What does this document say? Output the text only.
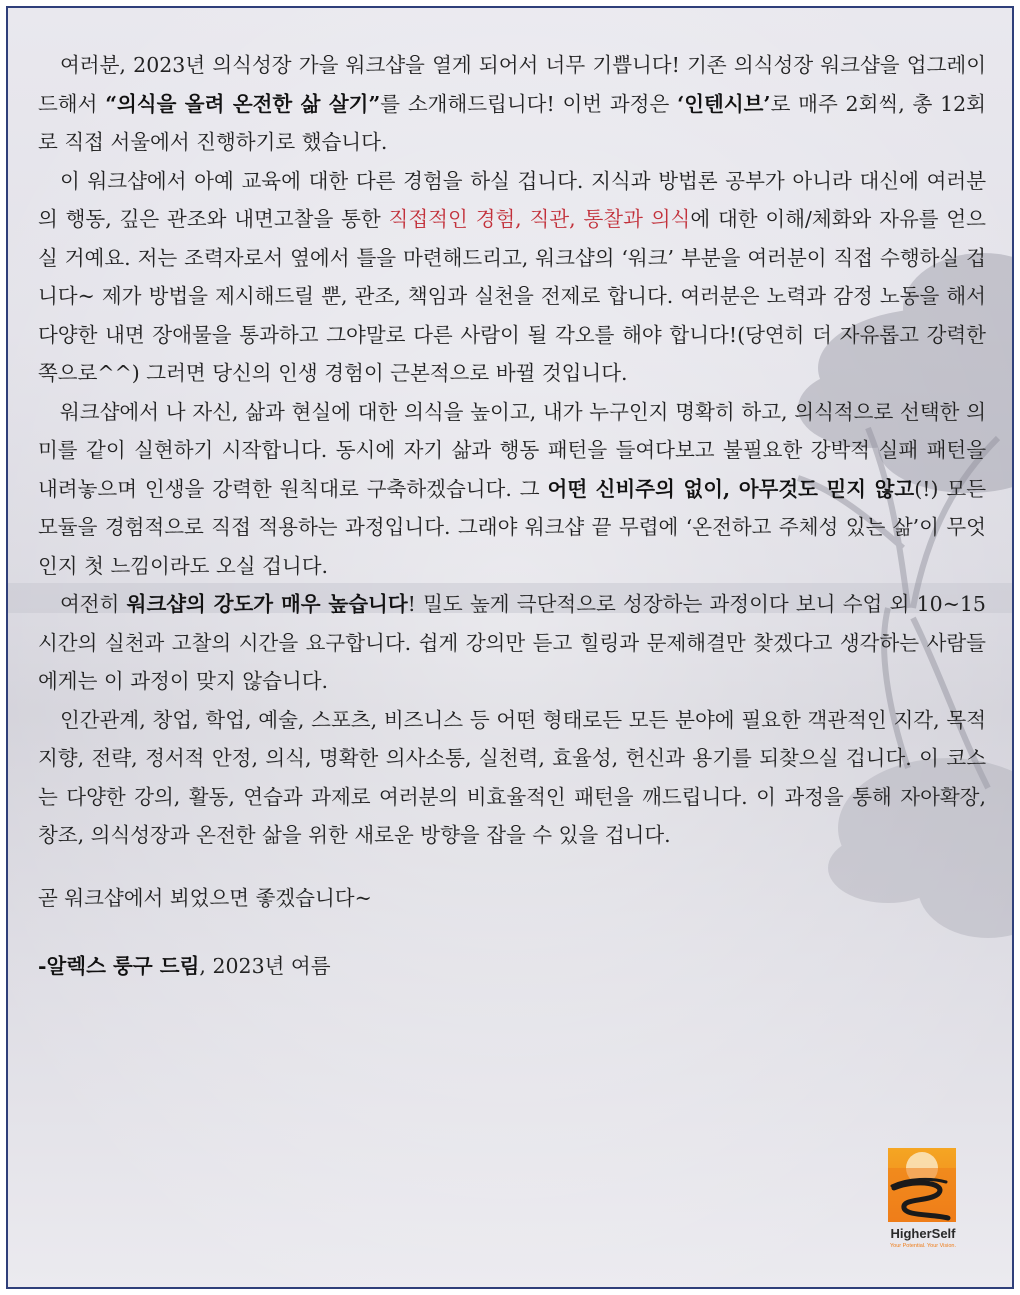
여러분, 2023년 의식성장 가을 워크샵을 열게 되어서 너무 기쁩니다! 기존 의식성장 워크샵을 업그레이드해서 “의식을 올려 온전한 삶 살기”를 소개해드립니다! 이번 과정은 ‘인텐시브’로 매주 2회씩, 총 12회로 직접 서울에서 진행하기로 했습니다.

이 워크샵에서 아예 교육에 대한 다른 경험을 하실 겁니다. 지식과 방법론 공부가 아니라 대신에 여러분의 행동, 깊은 관조와 내면고찰을 통한 직접적인 경험, 직관, 통찰과 의식에 대한 이해/체화와 자유를 얻으실 거예요. 저는 조력자로서 옆에서 틀을 마련해드리고, 워크샵의 ‘워크’ 부분을 여러분이 직접 수행하실 겁니다~ 제가 방법을 제시해드릴 뿐, 관조, 책임과 실천을 전제로 합니다. 여러분은 노력과 감정 노동을 해서 다양한 내면 장애물을 통과하고 그야말로 다른 사람이 될 각오를 해야 합니다!(당연히 더 자유롭고 강력한 쪽으로^^) 그러면 당신의 인생 경험이 근본적으로 바뀔 것입니다.

워크샵에서 나 자신, 삶과 현실에 대한 의식을 높이고, 내가 누구인지 명확히 하고, 의식적으로 선택한 의미를 같이 실현하기 시작합니다. 동시에 자기 삶과 행동 패턴을 들여다보고 불필요한 강박적 실패 패턴을 내려놓으며 인생을 강력한 원칙대로 구축하겠습니다. 그 어떤 신비주의 없이, 아무것도 믿지 않고(!) 모든 모듈을 경험적으로 직접 적용하는 과정입니다. 그래야 워크샵 끝 무렵에 ‘온전하고 주체성 있는 삶’이 무엇인지 첫 느낌이라도 오실 겁니다.

여전히 워크샵의 강도가 매우 높습니다! 밀도 높게 극단적으로 성장하는 과정이다 보니 수업 외 10~15시간의 실천과 고찰의 시간을 요구합니다. 쉽게 강의만 듣고 힐링과 문제해결만 찾겠다고 생각하는 사람들에게는 이 과정이 맞지 않습니다.

인간관계, 창업, 학업, 예술, 스포츠, 비즈니스 등 어떤 형태로든 모든 분야에 필요한 객관적인 지각, 목적지향, 전략, 정서적 안정, 의식, 명확한 의사소통, 실천력, 효율성, 헌신과 용기를 되찾으실 겁니다. 이 코스는 다양한 강의, 활동, 연습과 과제로 여러분의 비효율적인 패턴을 깨드립니다. 이 과정을 통해 자아확장, 창조, 의식성장과 온전한 삶을 위한 새로운 방향을 잡을 수 있을 겁니다.

곧 워크샵에서 뵈었으면 좋겠습니다~

-알렉스 룽구 드림, 2023년 여름

HigherSelf
Your Potential. Your Vision.
